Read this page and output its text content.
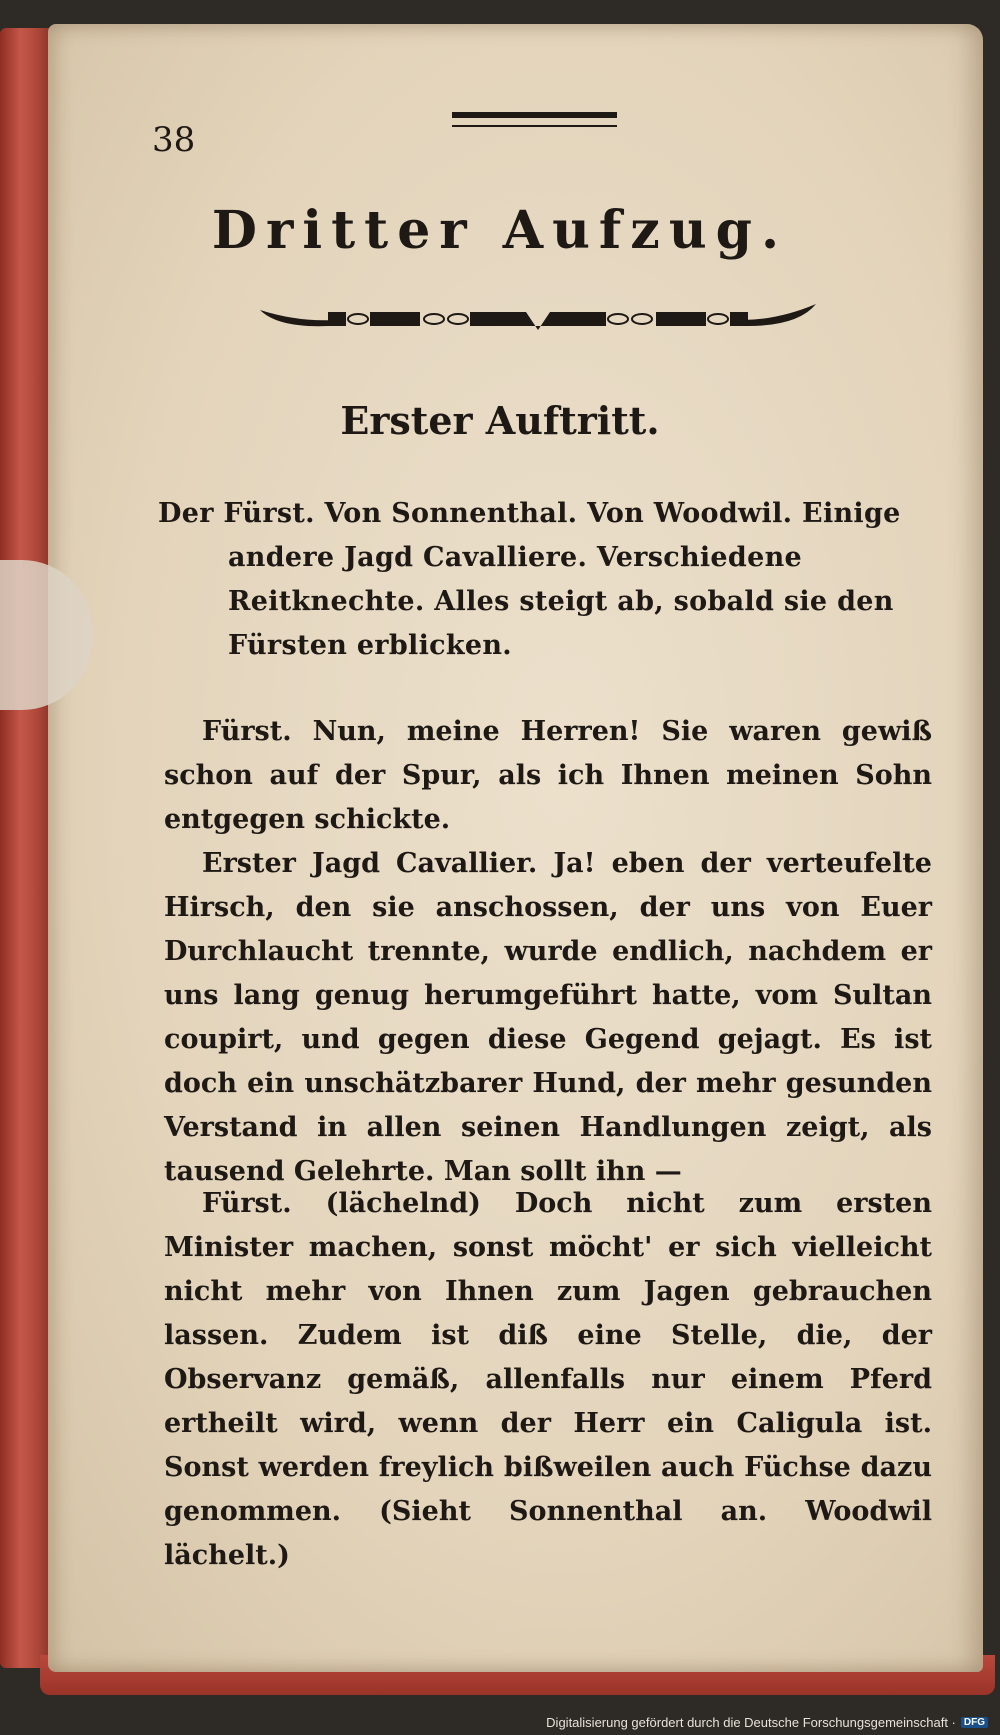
38
Dritter Aufzug.
Erster Auftritt.
Der Fürst. Von Sonnenthal. Von Woodwil. Einige andere Jagd Cavalliere. Verschiedene Reitknechte. Alles steigt ab, sobald sie den Fürsten erblicken.
Fürst. Nun, meine Herren! Sie waren gewiß schon auf der Spur, als ich Ihnen meinen Sohn entgegen schickte.
Erster Jagd Cavallier. Ja! eben der verteufelte Hirsch, den sie anschossen, der uns von Euer Durchlaucht trennte, wurde endlich, nachdem er uns lang genug herumgeführt hatte, vom Sultan coupirt, und gegen diese Gegend gejagt. Es ist doch ein unschätzbarer Hund, der mehr gesunden Verstand in allen seinen Handlungen zeigt, als tausend Gelehrte. Man sollt ihn —
Fürst. (lächelnd) Doch nicht zum ersten Minister machen, sonst möcht' er sich vielleicht nicht mehr von Ihnen zum Jagen gebrauchen lassen. Zudem ist diß eine Stelle, die, der Observanz gemäß, allenfalls nur einem Pferd ertheilt wird, wenn der Herr ein Caligula ist. Sonst werden freylich bißweilen auch Füchse dazu genommen. (Sieht Sonnenthal an. Woodwil lächelt.)
Digitalisierung gefördert durch die Deutsche Forschungsgemeinschaft · DFG
